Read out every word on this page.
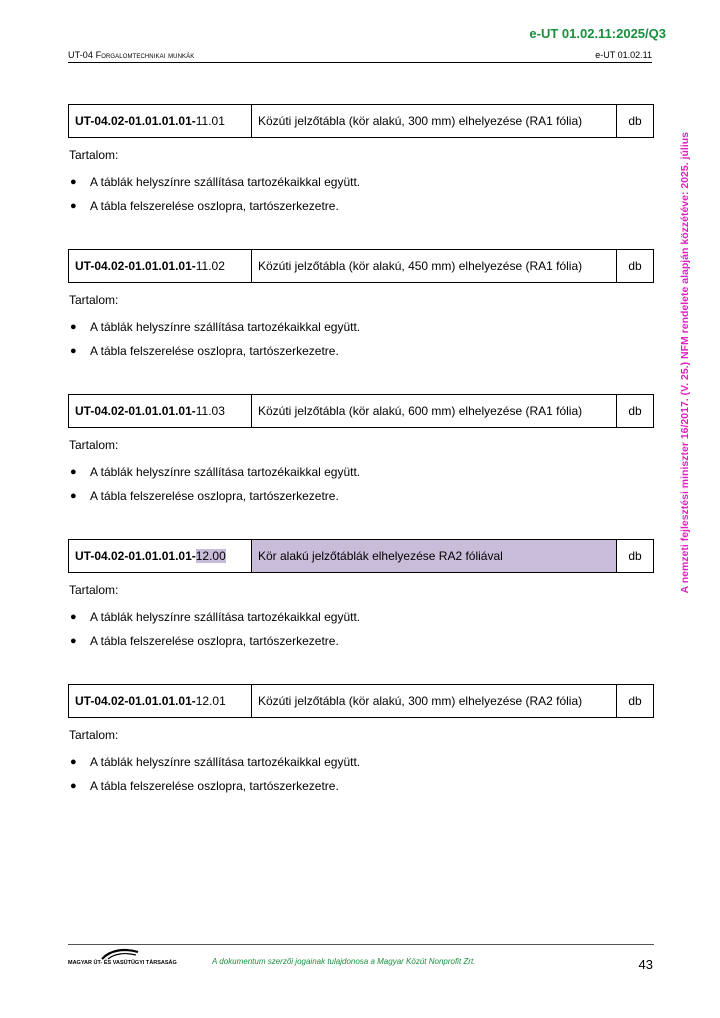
e-UT 01.02.11:2025/Q3
UT-04 Forgalomtechnikai munkák	e-UT 01.02.11
A nemzeti fejlesztési miniszter 16/2017. (V. 25.) NFM rendelete alapján közzétéve: 2025. július
UT-04.02-01.01.01.01-11.01	Közúti jelzőtábla (kör alakú, 300 mm) elhelyezése (RA1 fólia)	db
Tartalom:
●	A táblák helyszínre szállítása tartozékaikkal együtt.
●	A tábla felszerelése oszlopra, tartószerkezetre.
UT-04.02-01.01.01.01-11.02	Közúti jelzőtábla (kör alakú, 450 mm) elhelyezése (RA1 fólia)	db
Tartalom:
●	A táblák helyszínre szállítása tartozékaikkal együtt.
●	A tábla felszerelése oszlopra, tartószerkezetre.
UT-04.02-01.01.01.01-11.03	Közúti jelzőtábla (kör alakú, 600 mm) elhelyezése (RA1 fólia)	db
Tartalom:
●	A táblák helyszínre szállítása tartozékaikkal együtt.
●	A tábla felszerelése oszlopra, tartószerkezetre.
UT-04.02-01.01.01.01-12.00	Kör alakú jelzőtáblák elhelyezése RA2 fóliával	db
Tartalom:
●	A táblák helyszínre szállítása tartozékaikkal együtt.
●	A tábla felszerelése oszlopra, tartószerkezetre.
UT-04.02-01.01.01.01-12.01	Közúti jelzőtábla (kör alakú, 300 mm) elhelyezése (RA2 fólia)	db
Tartalom:
●	A táblák helyszínre szállítása tartozékaikkal együtt.
●	A tábla felszerelése oszlopra, tartószerkezetre.
MAGYAR ÚT- ÉS VASÚTÜGYI TÁRSASÁG	A dokumentum szerzői jogainak tulajdonosa a Magyar Közút Nonprofit Zrt.	43
